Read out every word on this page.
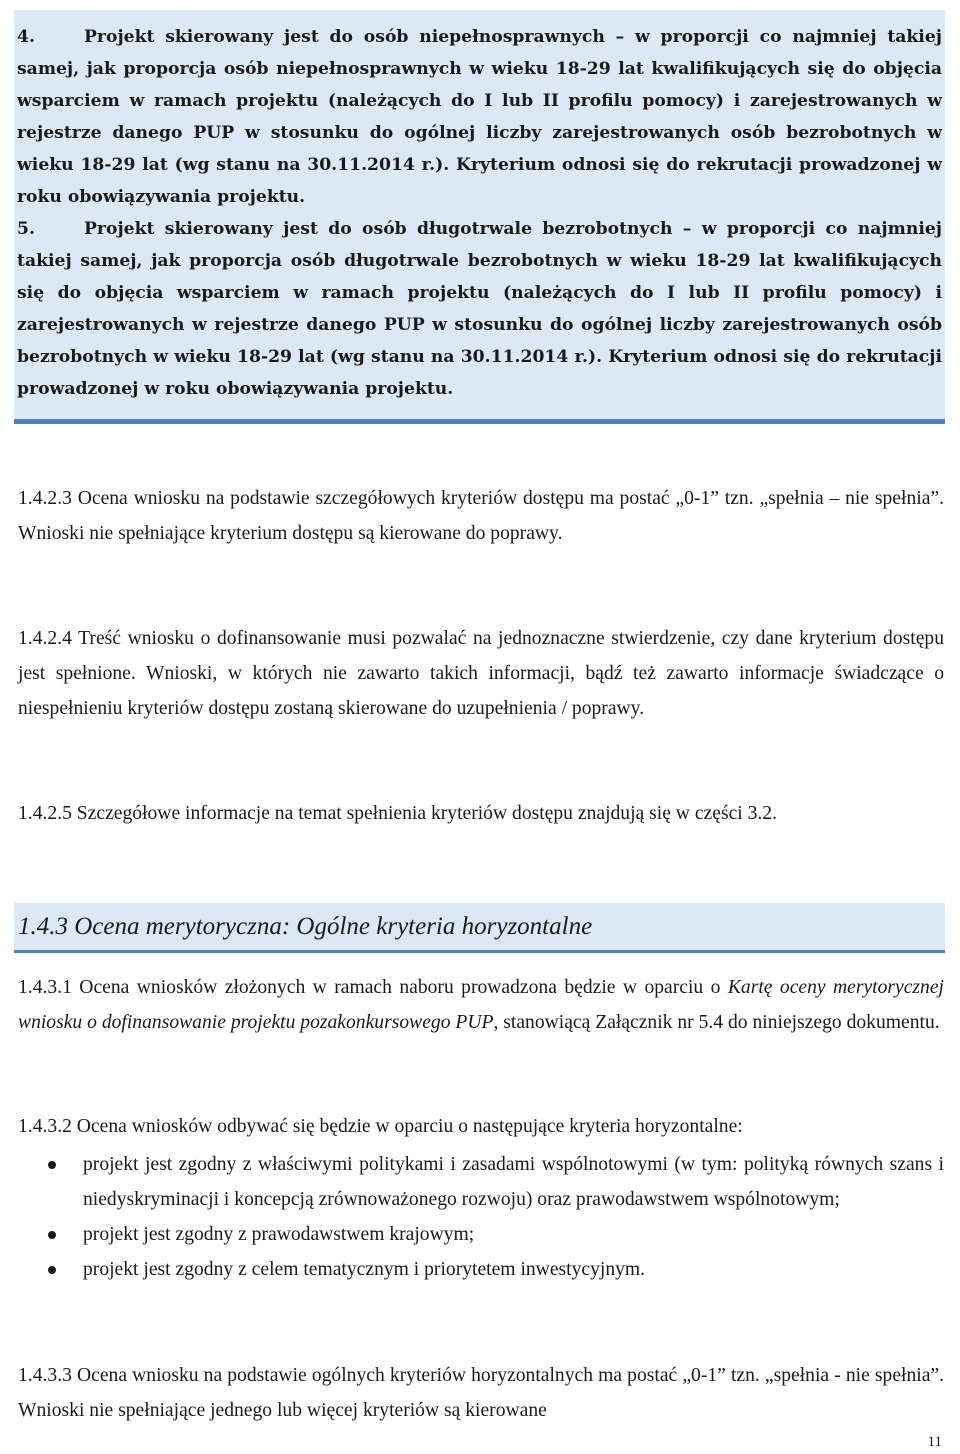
4.	Projekt skierowany jest do osób niepełnosprawnych – w proporcji co najmniej takiej samej, jak proporcja osób niepełnosprawnych w wieku 18-29 lat kwalifikujących się do objęcia wsparciem w ramach projektu (należących do I lub II profilu pomocy) i zarejestrowanych w rejestrze danego PUP w stosunku do ogólnej liczby zarejestrowanych osób bezrobotnych w wieku 18-29 lat (wg stanu na 30.11.2014 r.). Kryterium odnosi się do rekrutacji prowadzonej w roku obowiązywania projektu.

5.	Projekt skierowany jest do osób długotrwale bezrobotnych – w proporcji co najmniej takiej samej, jak proporcja osób długotrwale bezrobotnych w wieku 18-29 lat kwalifikujących się do objęcia wsparciem w ramach projektu (należących do I lub II profilu pomocy) i zarejestrowanych w rejestrze danego PUP w stosunku do ogólnej liczby zarejestrowanych osób bezrobotnych w wieku 18-29 lat (wg stanu na 30.11.2014 r.). Kryterium odnosi się do rekrutacji prowadzonej w roku obowiązywania projektu.

1.4.2.3 Ocena wniosku na podstawie szczegółowych kryteriów dostępu ma postać „0-1” tzn. „spełnia – nie spełnia”. Wnioski nie spełniające kryterium dostępu są kierowane do poprawy.

1.4.2.4 Treść wniosku o dofinansowanie musi pozwalać na jednoznaczne stwierdzenie, czy dane kryterium dostępu jest spełnione. Wnioski, w których nie zawarto takich informacji, bądź też zawarto informacje świadczące o niespełnieniu kryteriów dostępu zostaną skierowane do uzupełnienia / poprawy.

1.4.2.5 Szczegółowe informacje na temat spełnienia kryteriów dostępu znajdują się w części 3.2.

1.4.3 Ocena merytoryczna: Ogólne kryteria horyzontalne

1.4.3.1 Ocena wniosków złożonych w ramach naboru prowadzona będzie w oparciu o Kartę oceny merytorycznej wniosku o dofinansowanie projektu pozakonkursowego PUP, stanowiącą Załącznik nr 5.4 do niniejszego dokumentu.

1.4.3.2 Ocena wniosków odbywać się będzie w oparciu o następujące kryteria horyzontalne:

projekt jest zgodny z właściwymi politykami i zasadami wspólnotowymi (w tym: polityką równych szans i niedyskryminacji i koncepcją zrównoważonego rozwoju) oraz prawodawstwem wspólnotowym;
projekt jest zgodny z prawodawstwem krajowym;
projekt jest zgodny z celem tematycznym i priorytetem inwestycyjnym.

1.4.3.3 Ocena wniosku na podstawie ogólnych kryteriów horyzontalnych ma postać „0-1” tzn. „spełnia - nie spełnia”. Wnioski nie spełniające jednego lub więcej kryteriów są kierowane

11
